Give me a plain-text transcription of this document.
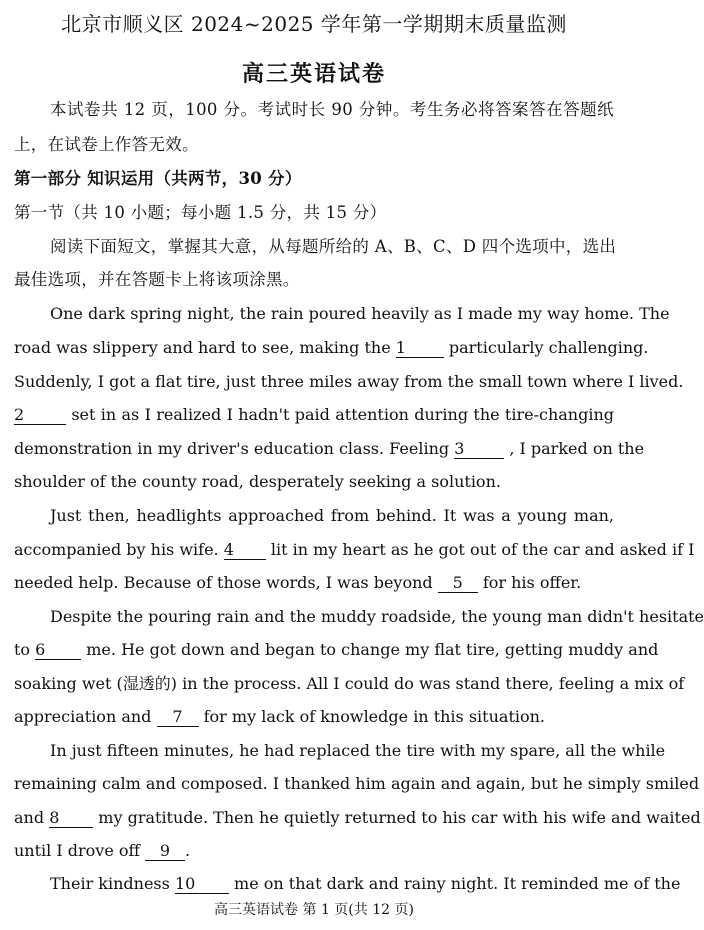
北京市顺义区 2024~2025 学年第一学期期末质量监测
高三英语试卷
本试卷共 12 页，100 分。考试时长 90 分钟。考生务必将答案答在答题纸
上，在试卷上作答无效。
第一部分 知识运用（共两节，30 分）
第一节（共 10 小题；每小题 1.5 分，共 15 分）
阅读下面短文，掌握其大意，从每题所给的 A、B、C、D 四个选项中，选出
最佳选项，并在答题卡上将该项涂黑。
One dark spring night, the rain poured heavily as I made my way home. The
road was slippery and hard to see, making the 1	particularly challenging.
Suddenly, I got a flat tire, just three miles away from the small town where I lived.
2	set in as I realized I hadn't paid attention during the tire-changing
demonstration in my driver's education class. Feeling 3	, I parked on the
shoulder of the county road, desperately seeking a solution.
Just then, headlights approached from behind. It was a young man,
accompanied by his wife. 4 lit in my heart as he got out of the car and asked if I
needed help. Because of those words, I was beyond 5 for his offer.
Despite the pouring rain and the muddy roadside, the young man didn't hesitate
to 6	me. He got down and began to change my flat tire, getting muddy and
soaking wet (湿透的) in the process. All I could do was stand there, feeling a mix of
appreciation and 7 for my lack of knowledge in this situation.
In just fifteen minutes, he had replaced the tire with my spare, all the while
remaining calm and composed. I thanked him again and again, but he simply smiled
and 8 my gratitude. Then he quietly returned to his car with his wife and waited
until I drove off 9 .
Their kindness 10 me on that dark and rainy night. It reminded me of the
高三英语试卷 第 1 页(共 12 页)
